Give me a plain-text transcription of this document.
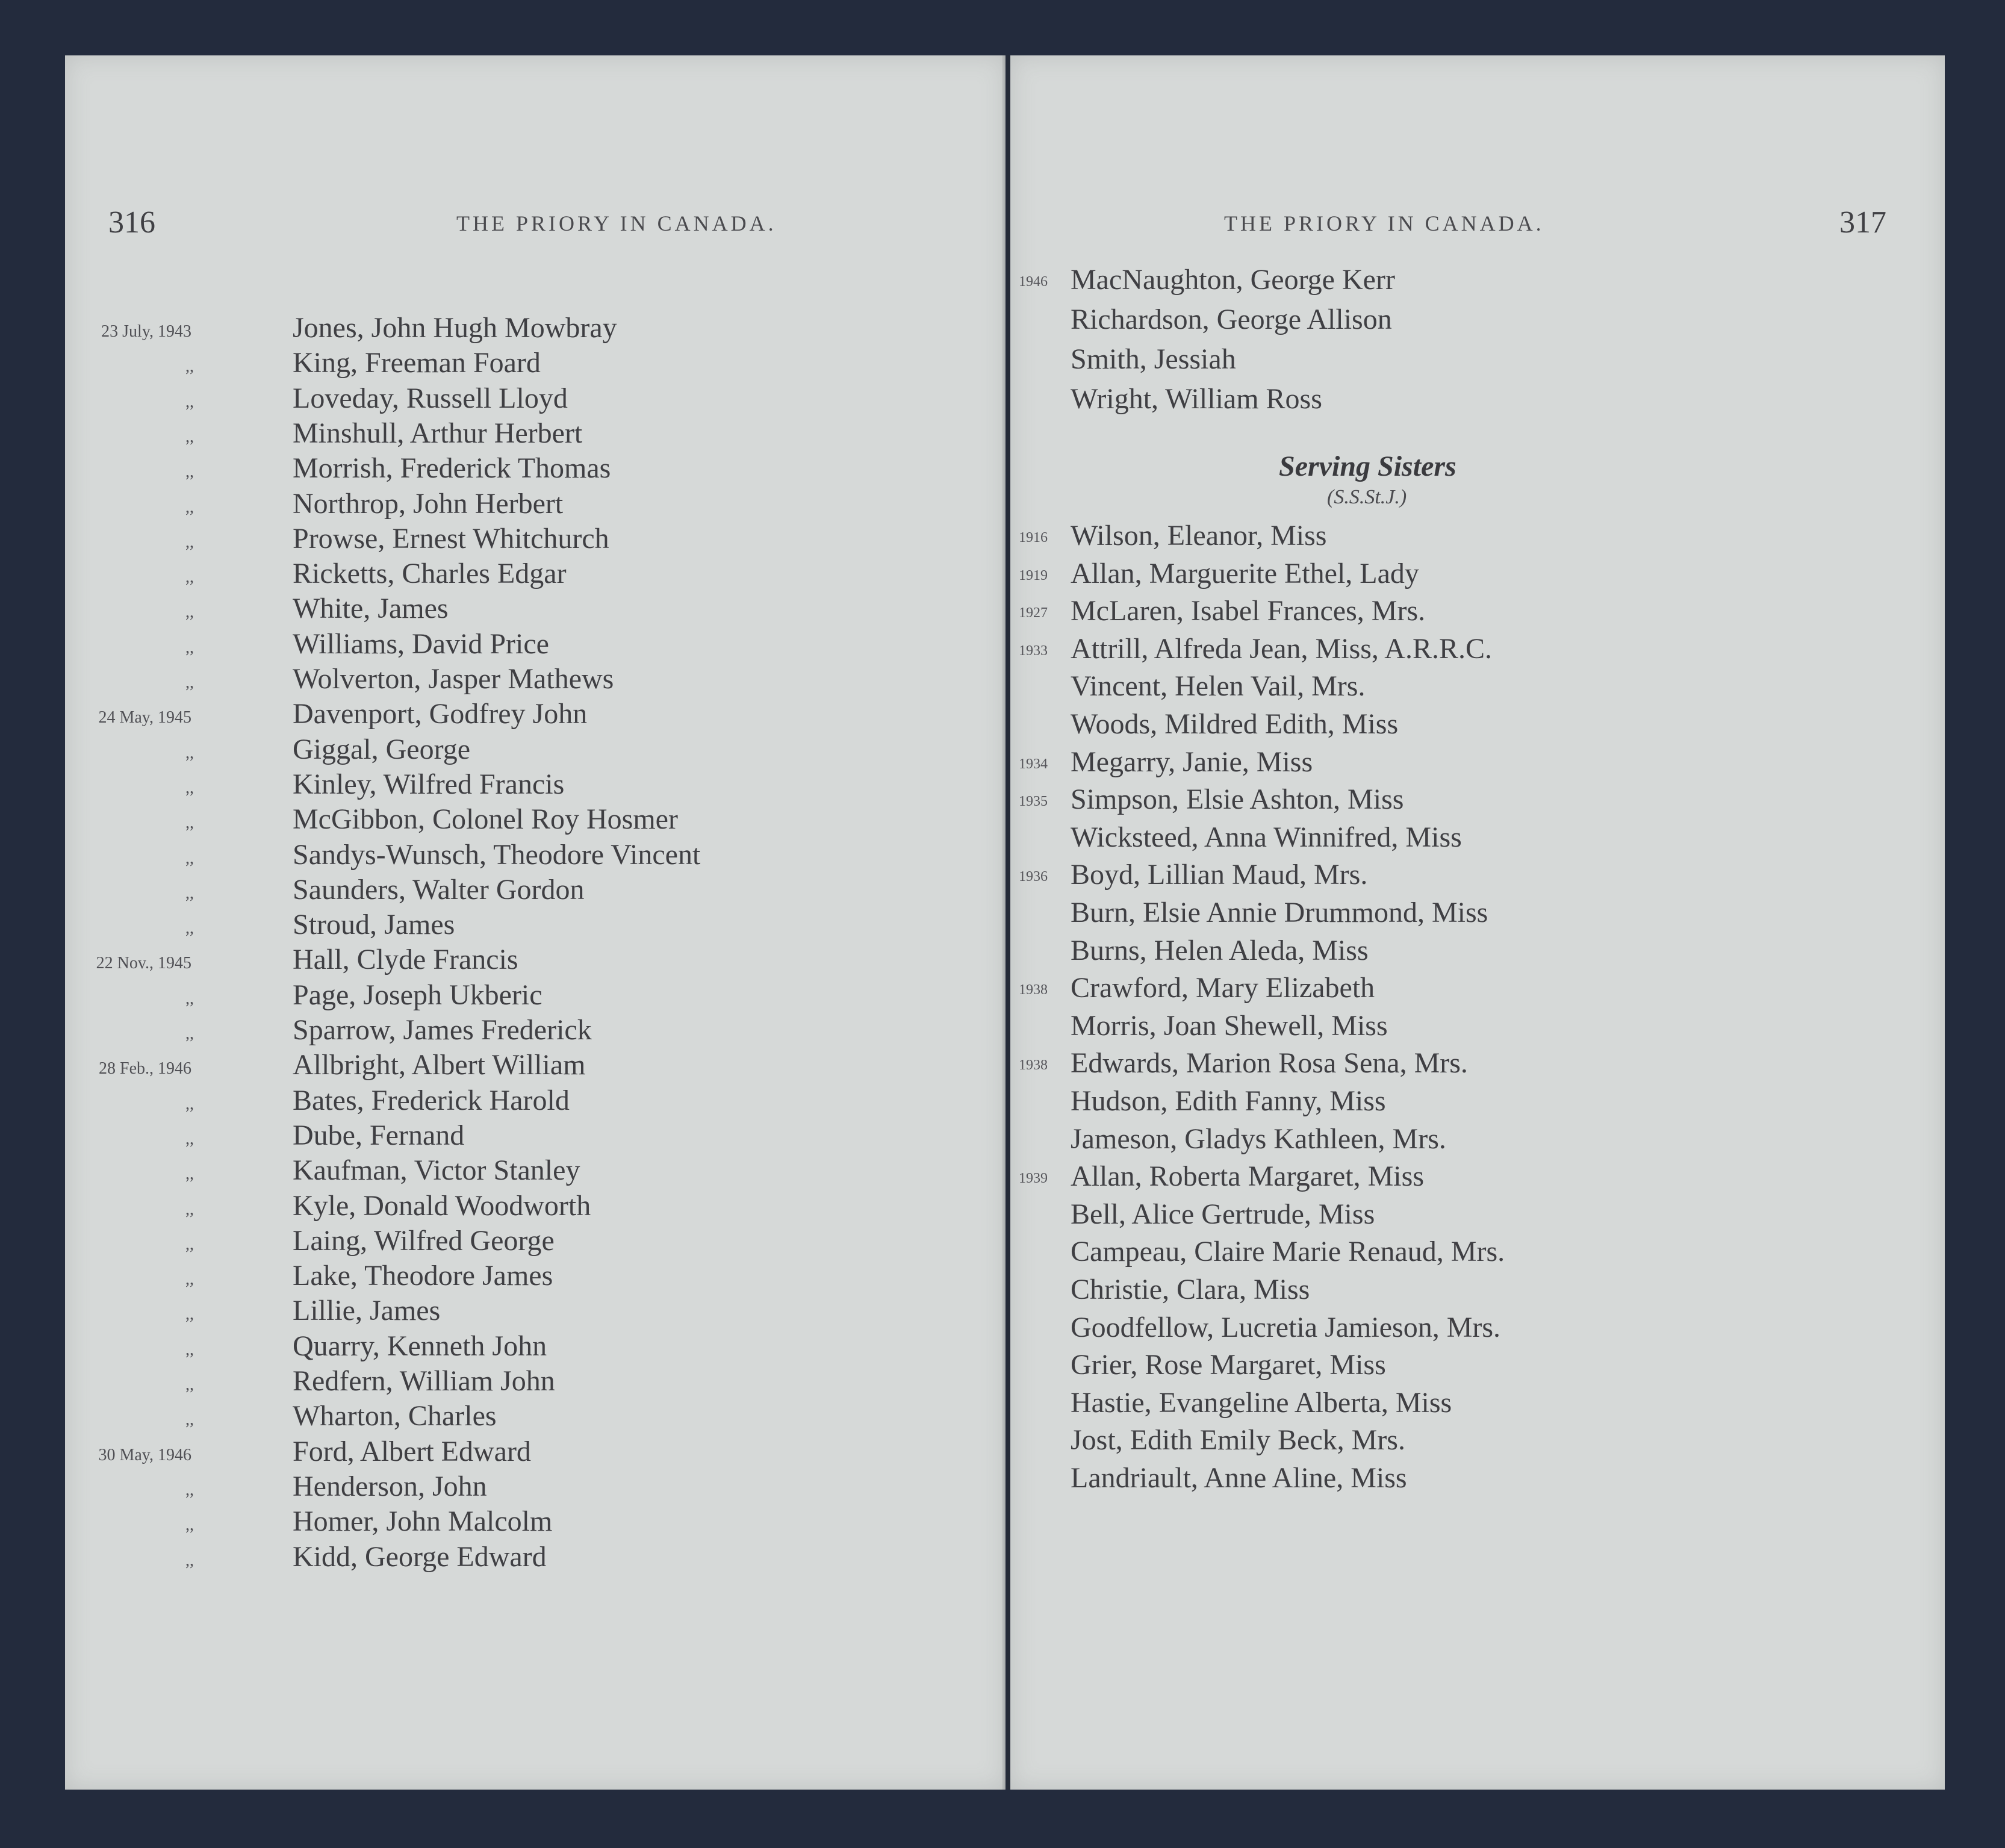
316	THE PRIORY IN CANADA.
23 July, 1943	Jones, John Hugh Mowbray
,,	King, Freeman Foard
,,	Loveday, Russell Lloyd
,,	Minshull, Arthur Herbert
,,	Morrish, Frederick Thomas
,,	Northrop, John Herbert
,,	Prowse, Ernest Whitchurch
,,	Ricketts, Charles Edgar
,,	White, James
,,	Williams, David Price
,,	Wolverton, Jasper Mathews
24 May, 1945	Davenport, Godfrey John
,,	Giggal, George
,,	Kinley, Wilfred Francis
,,	McGibbon, Colonel Roy Hosmer
,,	Sandys-Wunsch, Theodore Vincent
,,	Saunders, Walter Gordon
,,	Stroud, James
22 Nov., 1945	Hall, Clyde Francis
,,	Page, Joseph Ukberic
,,	Sparrow, James Frederick
28 Feb., 1946	Allbright, Albert William
,,	Bates, Frederick Harold
,,	Dube, Fernand
,,	Kaufman, Victor Stanley
,,	Kyle, Donald Woodworth
,,	Laing, Wilfred George
,,	Lake, Theodore James
,,	Lillie, James
,,	Quarry, Kenneth John
,,	Redfern, William John
,,	Wharton, Charles
30 May, 1946	Ford, Albert Edward
,,	Henderson, John
,,	Homer, John Malcolm
,,	Kidd, George Edward
THE PRIORY IN CANADA.	317
1946 MacNaughton, George Kerr
Richardson, George Allison
Smith, Jessiah
Wright, William Ross
Serving Sisters
(S.S.St.J.)
1916 Wilson, Eleanor, Miss
1919 Allan, Marguerite Ethel, Lady
1927 McLaren, Isabel Frances, Mrs.
1933 Attrill, Alfreda Jean, Miss, A.R.R.C.
Vincent, Helen Vail, Mrs.
Woods, Mildred Edith, Miss
1934 Megarry, Janie, Miss
1935 Simpson, Elsie Ashton, Miss
Wicksteed, Anna Winnifred, Miss
1936 Boyd, Lillian Maud, Mrs.
Burn, Elsie Annie Drummond, Miss
Burns, Helen Aleda, Miss
1938 Crawford, Mary Elizabeth
Morris, Joan Shewell, Miss
1938 Edwards, Marion Rosa Sena, Mrs.
Hudson, Edith Fanny, Miss
Jameson, Gladys Kathleen, Mrs.
1939 Allan, Roberta Margaret, Miss
Bell, Alice Gertrude, Miss
Campeau, Claire Marie Renaud, Mrs.
Christie, Clara, Miss
Goodfellow, Lucretia Jamieson, Mrs.
Grier, Rose Margaret, Miss
Hastie, Evangeline Alberta, Miss
Jost, Edith Emily Beck, Mrs.
Landriault, Anne Aline, Miss
